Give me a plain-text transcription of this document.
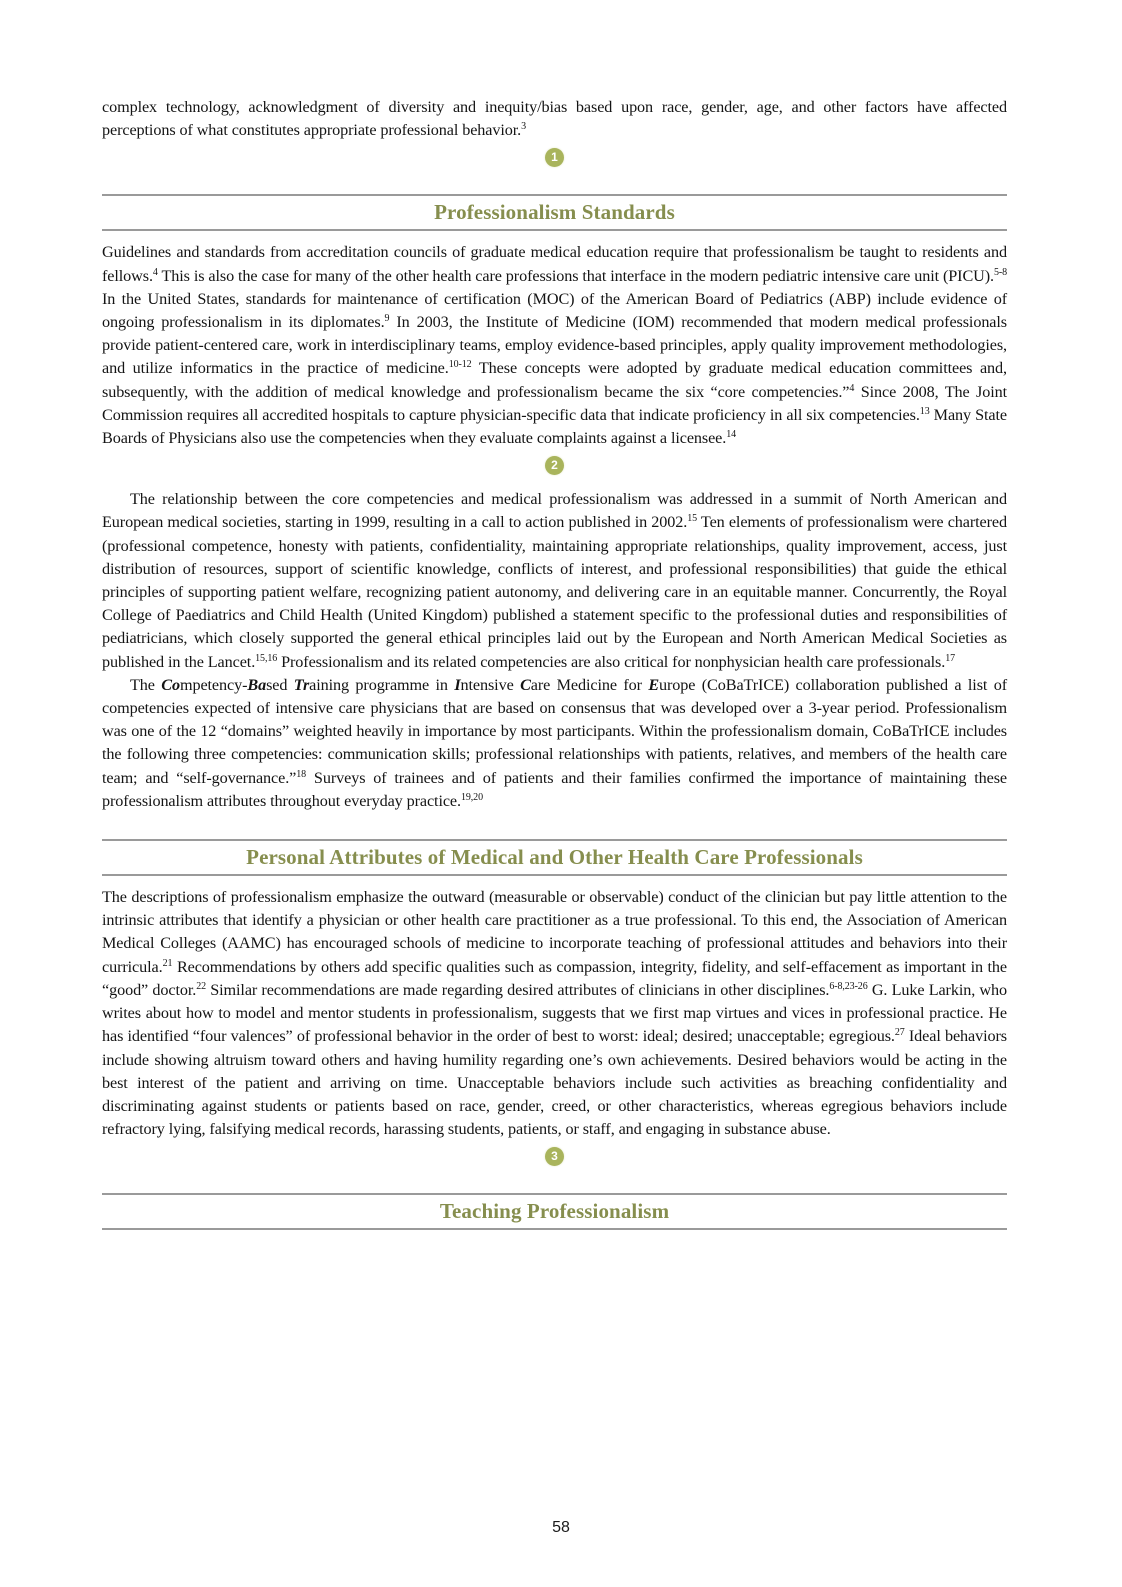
complex technology, acknowledgment of diversity and inequity/bias based upon race, gender, age, and other factors have affected perceptions of what constitutes appropriate professional behavior.$^3$

1
Professionalism Standards

Guidelines and standards from accreditation councils of graduate medical education require that professionalism be taught to residents and fellows.$^4$ This is also the case for many of the other health care professions that interface in the modern pediatric intensive care unit (PICU).$^{5-8}$ In the United States, standards for maintenance of certification (MOC) of the American Board of Pediatrics (ABP) include evidence of ongoing professionalism in its diplomates.$^9$ In 2003, the Institute of Medicine (IOM) recommended that modern medical professionals provide patient-centered care, work in interdisciplinary teams, employ evidence-based principles, apply quality improvement methodologies, and utilize informatics in the practice of medicine.$^{10-12}$ These concepts were adopted by graduate medical education committees and, subsequently, with the addition of medical knowledge and professionalism became the six “core competencies.”$^4$ Since 2008, The Joint Commission requires all accredited hospitals to capture physician-specific data that indicate proficiency in all six competencies.$^{13}$ Many State Boards of Physicians also use the competencies when they evaluate complaints against a licensee.$^{14}$

2

The relationship between the core competencies and medical professionalism was addressed in a summit of North American and European medical societies, starting in 1999, resulting in a call to action published in 2002.15 Ten elements of professionalism were chartered (professional competence, honesty with patients, confidentiality, maintaining appropriate relationships, quality improvement, access, just distribution of resources, support of scientific knowledge, conflicts of interest, and professional responsibilities) that guide the ethical principles of supporting patient welfare, recognizing patient autonomy, and delivering care in an equitable manner. Concurrently, the Royal College of Paediatrics and Child Health (United Kingdom) published a statement specific to the professional duties and responsibilities of pediatricians, which closely supported the general ethical principles laid out by the European and North American Medical Societies as published in the Lancet.$^{15,16}$ Professionalism and its related competencies are also critical for nonphysician health care professionals.$^{17}$

The Competency-Based Training programme in Intensive Care Medicine for Europe (CoBaTrICE) collaboration published a list of competencies expected of intensive care physicians that are based on consensus that was developed over a 3-year period. Professionalism was one of the 12 “domains” weighted heavily in importance by most participants. Within the professionalism domain, CoBaTrICE includes the following three competencies: communication skills; professional relationships with patients, relatives, and members of the health care team; and “self-governance.”$^{18}$ Surveys of trainees and of patients and their families confirmed the importance of maintaining these professionalism attributes throughout everyday practice.$^{19,20}$

Personal Attributes of Medical and Other Health Care Professionals

The descriptions of professionalism emphasize the outward (measurable or observable) conduct of the clinician but pay little attention to the intrinsic attributes that identify a physician or other health care practitioner as a true professional. To this end, the Association of American Medical Colleges (AAMC) has encouraged schools of medicine to incorporate teaching of professional attitudes and behaviors into their curricula.$^{21}$ Recommendations by others add specific qualities such as compassion, integrity, fidelity, and self-effacement as important in the “good” doctor.$^{22}$ Similar recommendations are made regarding desired attributes of clinicians in other disciplines.$^{6-8,23-26}$ G. Luke Larkin, who writes about how to model and mentor students in professionalism, suggests that we first map virtues and vices in professional practice. He has identified “four valences” of professional behavior in the order of best to worst: ideal; desired; unacceptable; egregious.$^{27}$ Ideal behaviors include showing altruism toward others and having humility regarding one’s own achievements. Desired behaviors would be acting in the best interest of the patient and arriving on time. Unacceptable behaviors include such activities as breaching confidentiality and discriminating against students or patients based on race, gender, creed, or other characteristics, whereas egregious behaviors include refractory lying, falsifying medical records, harassing students, patients, or staff, and engaging in substance abuse.

3
Teaching Professionalism
58
